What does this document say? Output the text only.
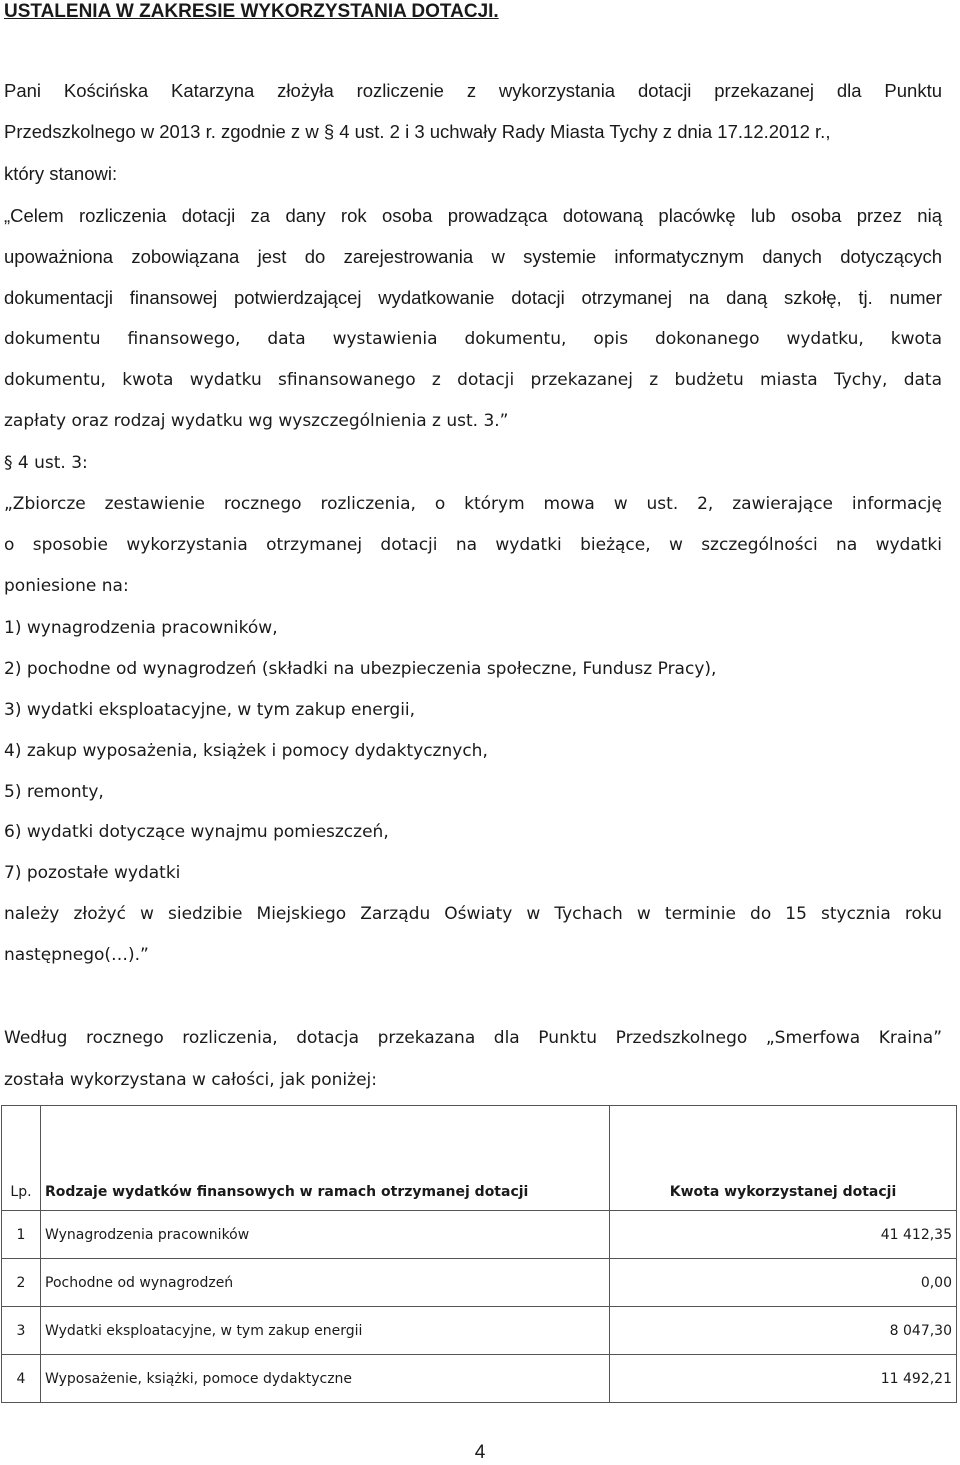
USTALENIA W ZAKRESIE WYKORZYSTANIA DOTACJI.
Pani Kościńska Katarzyna złożyła rozliczenie z wykorzystania dotacji przekazanej dla Punktu
Przedszkolnego w 2013 r. zgodnie z w § 4 ust. 2 i 3 uchwały Rady Miasta Tychy z dnia 17.12.2012 r.,
który stanowi:
„Celem rozliczenia dotacji za dany rok osoba prowadząca dotowaną placówkę lub osoba przez nią
upoważniona zobowiązana jest do zarejestrowania w systemie informatycznym danych dotyczących
dokumentacji finansowej potwierdzającej wydatkowanie dotacji otrzymanej na daną szkołę, tj. numer
dokumentu finansowego, data wystawienia dokumentu, opis dokonanego wydatku, kwota
dokumentu, kwota wydatku sfinansowanego z dotacji przekazanej z budżetu miasta Tychy, data
zapłaty oraz rodzaj wydatku wg wyszczególnienia z ust. 3.”
§ 4 ust. 3:
„Zbiorcze zestawienie rocznego rozliczenia, o którym mowa w ust. 2, zawierające informację
o sposobie wykorzystania otrzymanej dotacji na wydatki bieżące, w szczególności na wydatki
poniesione na:
1) wynagrodzenia pracowników,
2) pochodne od wynagrodzeń (składki na ubezpieczenia społeczne, Fundusz Pracy),
3) wydatki eksploatacyjne, w tym zakup energii,
4) zakup wyposażenia, książek i pomocy dydaktycznych,
5) remonty,
6) wydatki dotyczące wynajmu pomieszczeń,
7) pozostałe wydatki
należy złożyć w siedzibie Miejskiego Zarządu Oświaty w Tychach w terminie do 15 stycznia roku
następnego(…).”
Według rocznego rozliczenia, dotacja przekazana dla Punktu Przedszkolnego „Smerfowa Kraina”
została wykorzystana w całości, jak poniżej:
Lp.	Rodzaje wydatków finansowych w ramach otrzymanej dotacji	Kwota wykorzystanej dotacji
1	Wynagrodzenia pracowników	41 412,35
2	Pochodne od wynagrodzeń	0,00
3	Wydatki eksploatacyjne, w tym zakup energii	8 047,30
4	Wyposażenie, książki, pomoce dydaktyczne	11 492,21
4
